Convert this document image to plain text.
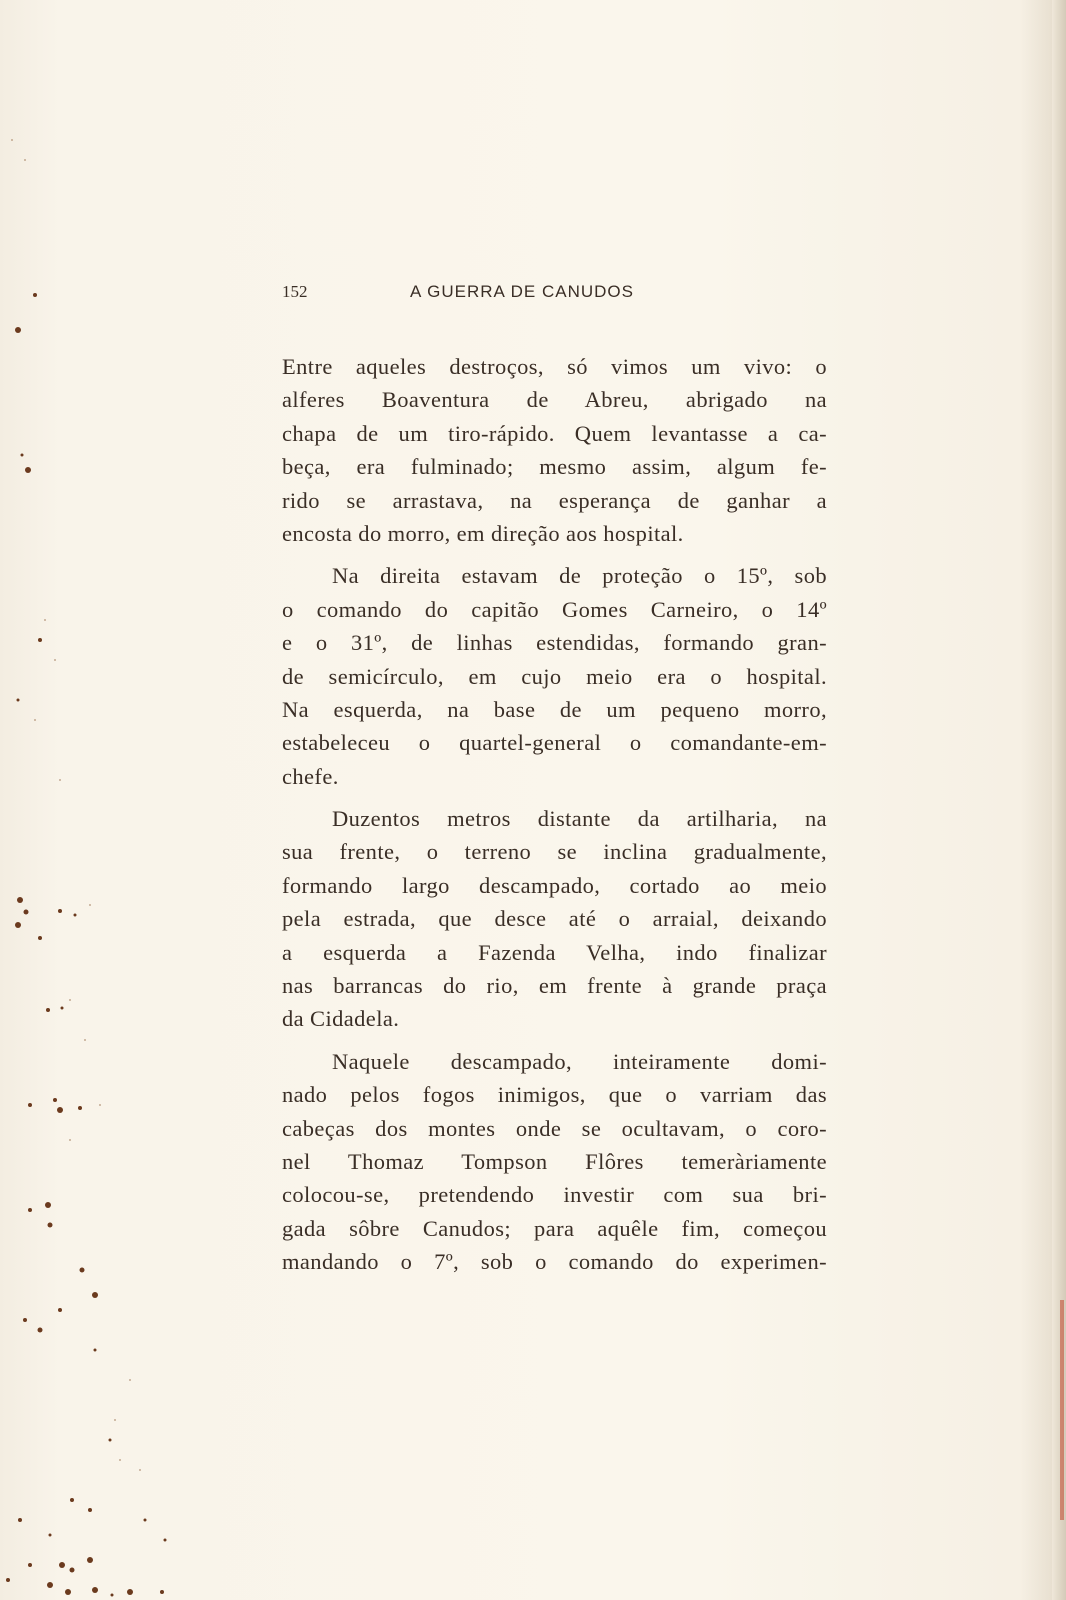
152	A GUERRA DE CANUDOS
Entre aqueles destroços, só vimos um vivo: o
alferes Boaventura de Abreu, abrigado na
chapa de um tiro-rápido. Quem levantasse a ca-
beça, era fulminado; mesmo assim, algum fe-
rido se arrastava, na esperança de ganhar a
encosta do morro, em direção aos hospital.
Na direita estavam de proteção o 15º, sob
o comando do capitão Gomes Carneiro, o 14º
e o 31º, de linhas estendidas, formando gran-
de semicírculo, em cujo meio era o hospital.
Na esquerda, na base de um pequeno morro,
estabeleceu o quartel-general o comandante-em-
chefe.
Duzentos metros distante da artilharia, na
sua frente, o terreno se inclina gradualmente,
formando largo descampado, cortado ao meio
pela estrada, que desce até o arraial, deixando
a esquerda a Fazenda Velha, indo finalizar
nas barrancas do rio, em frente à grande praça
da Cidadela.
Naquele descampado, inteiramente domi-
nado pelos fogos inimigos, que o varriam das
cabeças dos montes onde se ocultavam, o coro-
nel Thomaz Tompson Flôres temeràriamente
colocou-se, pretendendo investir com sua bri-
gada sôbre Canudos; para aquêle fim, começou
mandando o 7º, sob o comando do experimen-
